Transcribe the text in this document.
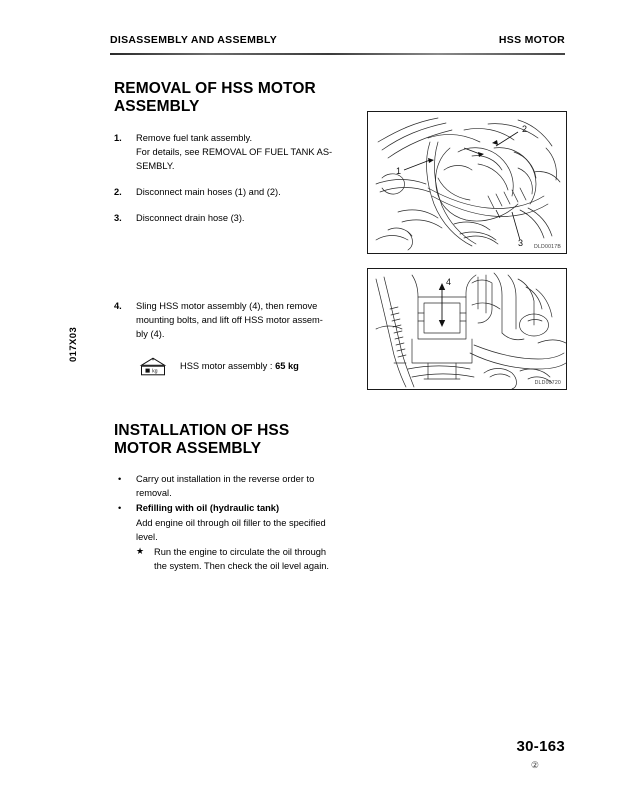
DISASSEMBLY AND ASSEMBLY	HSS MOTOR
017X03
REMOVAL OF HSS MOTOR
ASSEMBLY
1. Remove fuel tank assembly.
For details, see REMOVAL OF FUEL TANK AS-
SEMBLY.
2. Disconnect main hoses (1) and (2).
3. Disconnect drain hose (3).
4. Sling HSS motor assembly (4), then remove
mounting bolts, and lift off HSS motor assem-
bly (4).
kg
HSS motor assembly : 65 kg
INSTALLATION OF HSS
MOTOR ASSEMBLY
• Carry out installation in the reverse order to
removal.
• Refilling with oil (hydraulic tank)
Add engine oil through oil filler to the specified
level.
★ Run the engine to circulate the oil through
the system. Then check the oil level again.
1
2
3 DLD0017B
4
DLD00720
30-163
②
